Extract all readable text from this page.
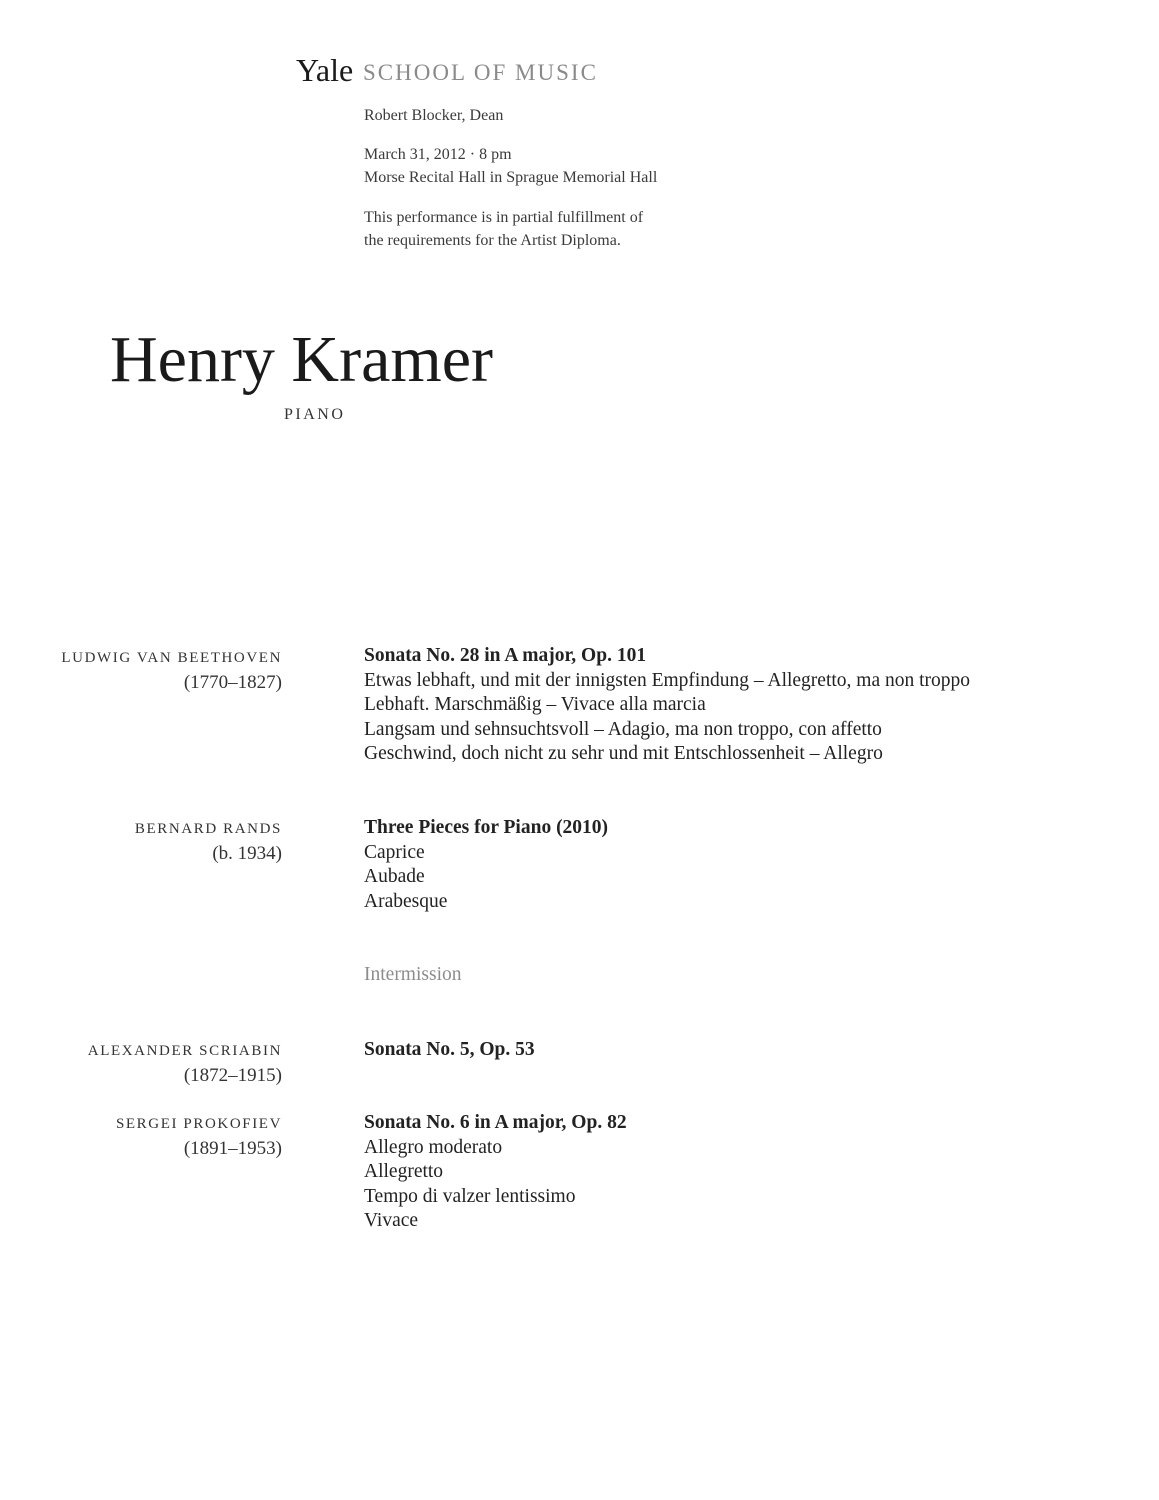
Yale SCHOOL OF MUSIC
Robert Blocker, Dean
March 31, 2012 · 8 pm
Morse Recital Hall in Sprague Memorial Hall
This performance is in partial fulfillment of
the requirements for the Artist Diploma.
Henry Kramer
PIANO
LUDWIG VAN BEETHOVEN
(1770–1827)
Sonata No. 28 in A major, Op. 101
Etwas lebhaft, und mit der innigsten Empfindung – Allegretto, ma non troppo
Lebhaft. Marschmäßig – Vivace alla marcia
Langsam und sehnsuchtsvoll – Adagio, ma non troppo, con affetto
Geschwind, doch nicht zu sehr und mit Entschlossenheit – Allegro
BERNARD RANDS
(b. 1934)
Three Pieces for Piano (2010)
Caprice
Aubade
Arabesque
Intermission
ALEXANDER SCRIABIN
(1872–1915)
Sonata No. 5, Op. 53
SERGEI PROKOFIEV
(1891–1953)
Sonata No. 6 in A major, Op. 82
Allegro moderato
Allegretto
Tempo di valzer lentissimo
Vivace
